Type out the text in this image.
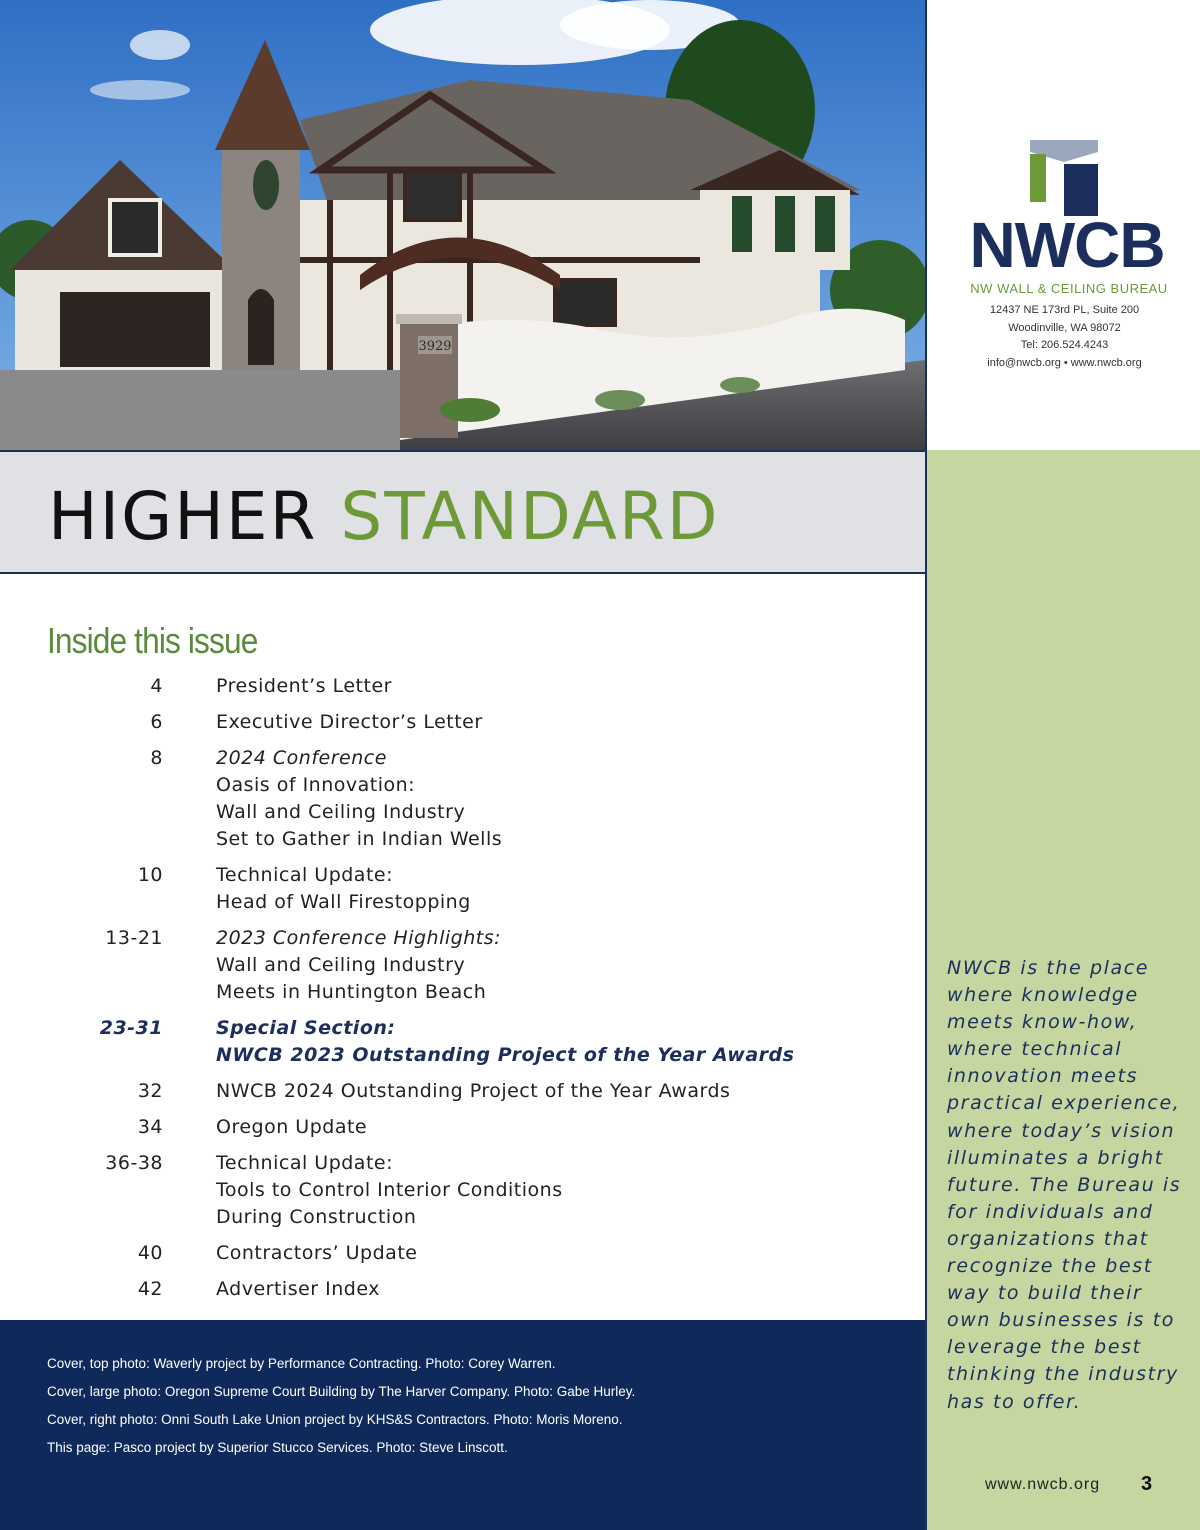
3929
NWCB
NW WALL & CEILING BUREAU
12437 NE 173rd PL, Suite 200
Woodinville, WA 98072
Tel: 206.524.4243
info@nwcb.org • www.nwcb.org
HIGHER STANDARD
NWCB is the place
where knowledge
meets know-how,
where technical
innovation meets
practical experience,
where today’s vision
illuminates a bright
future. The Bureau is
for individuals and
organizations that
recognize the best
way to build their
own businesses is to
leverage the best
thinking the industry
has to offer.
www.nwcb.org 3
Inside this issue
4	President’s Letter
6	Executive Director’s Letter
8	2024 Conference
Oasis of Innovation:
Wall and Ceiling Industry
Set to Gather in Indian Wells
10	Technical Update:
Head of Wall Firestopping
13-21	2023 Conference Highlights:
Wall and Ceiling Industry
Meets in Huntington Beach
23-31	Special Section:
NWCB 2023 Outstanding Project of the Year Awards
32	NWCB 2024 Outstanding Project of the Year Awards
34	Oregon Update
36-38	Technical Update:
Tools to Control Interior Conditions
During Construction
40	Contractors’ Update
42	Advertiser Index
Cover, top photo: Waverly project by Performance Contracting. Photo: Corey Warren.
Cover, large photo: Oregon Supreme Court Building by The Harver Company. Photo: Gabe Hurley.
Cover, right photo: Onni South Lake Union project by KHS&S Contractors. Photo: Moris Moreno.
This page: Pasco project by Superior Stucco Services. Photo: Steve Linscott.
